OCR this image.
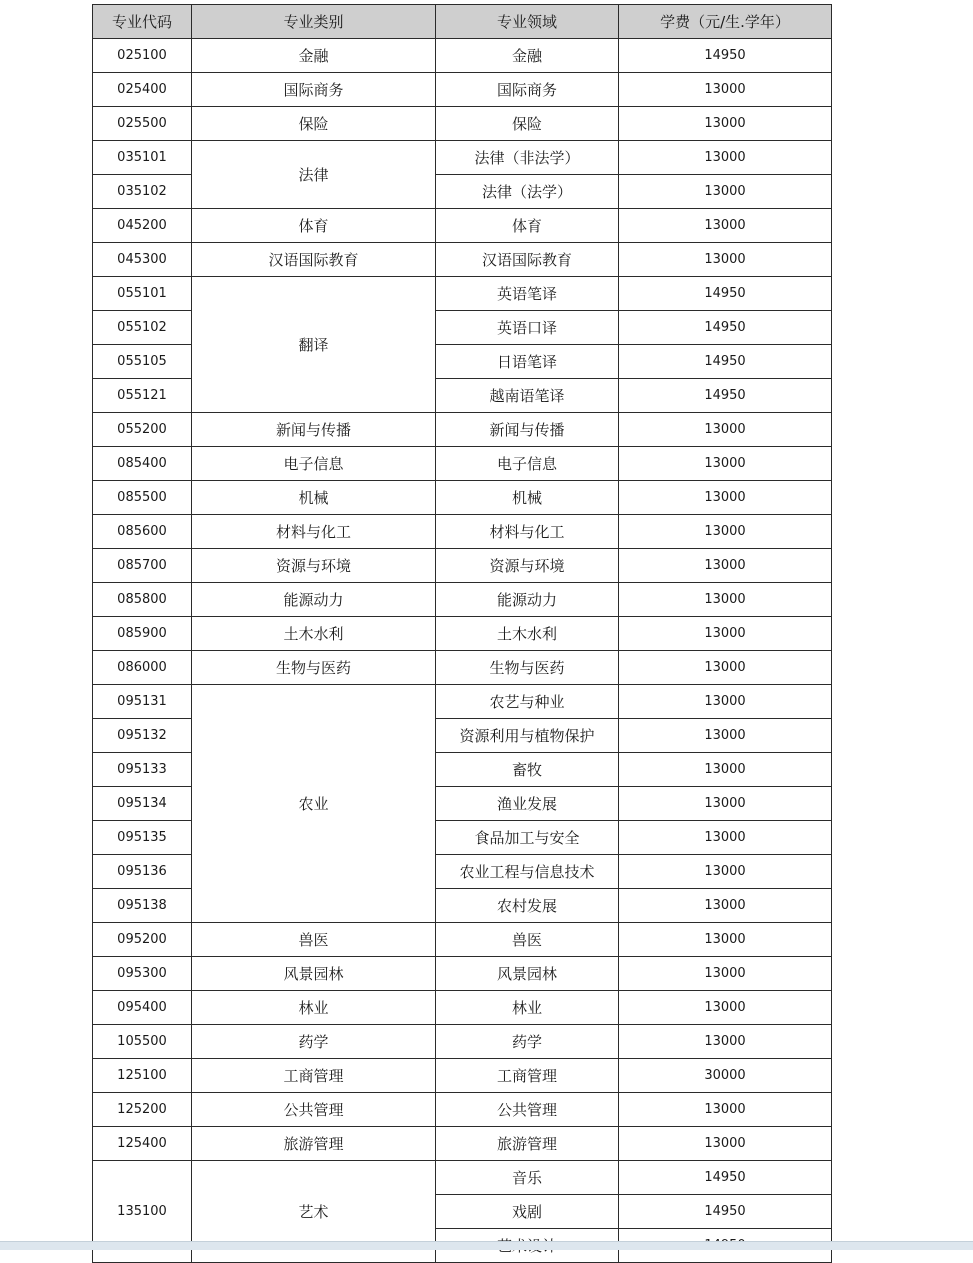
专业代码	专业类别	专业领域	学费（元/生.学年）
025100	金融	金融	14950
025400	国际商务	国际商务	13000
025500	保险	保险	13000
035101	法律	法律（非法学）	13000
035102		法律（法学）	13000
045200	体育	体育	13000
045300	汉语国际教育	汉语国际教育	13000
055101	翻译	英语笔译	14950
055102		英语口译	14950
055105		日语笔译	14950
055121		越南语笔译	14950
055200	新闻与传播	新闻与传播	13000
085400	电子信息	电子信息	13000
085500	机械	机械	13000
085600	材料与化工	材料与化工	13000
085700	资源与环境	资源与环境	13000
085800	能源动力	能源动力	13000
085900	土木水利	土木水利	13000
086000	生物与医药	生物与医药	13000
095131	农业	农艺与种业	13000
095132		资源利用与植物保护	13000
095133		畜牧	13000
095134		渔业发展	13000
095135		食品加工与安全	13000
095136		农业工程与信息技术	13000
095138		农村发展	13000
095200	兽医	兽医	13000
095300	风景园林	风景园林	13000
095400	林业	林业	13000
105500	药学	药学	13000
125100	工商管理	工商管理	30000
125200	公共管理	公共管理	13000
125400	旅游管理	旅游管理	13000
135100	艺术	音乐	14950
		戏剧	14950
